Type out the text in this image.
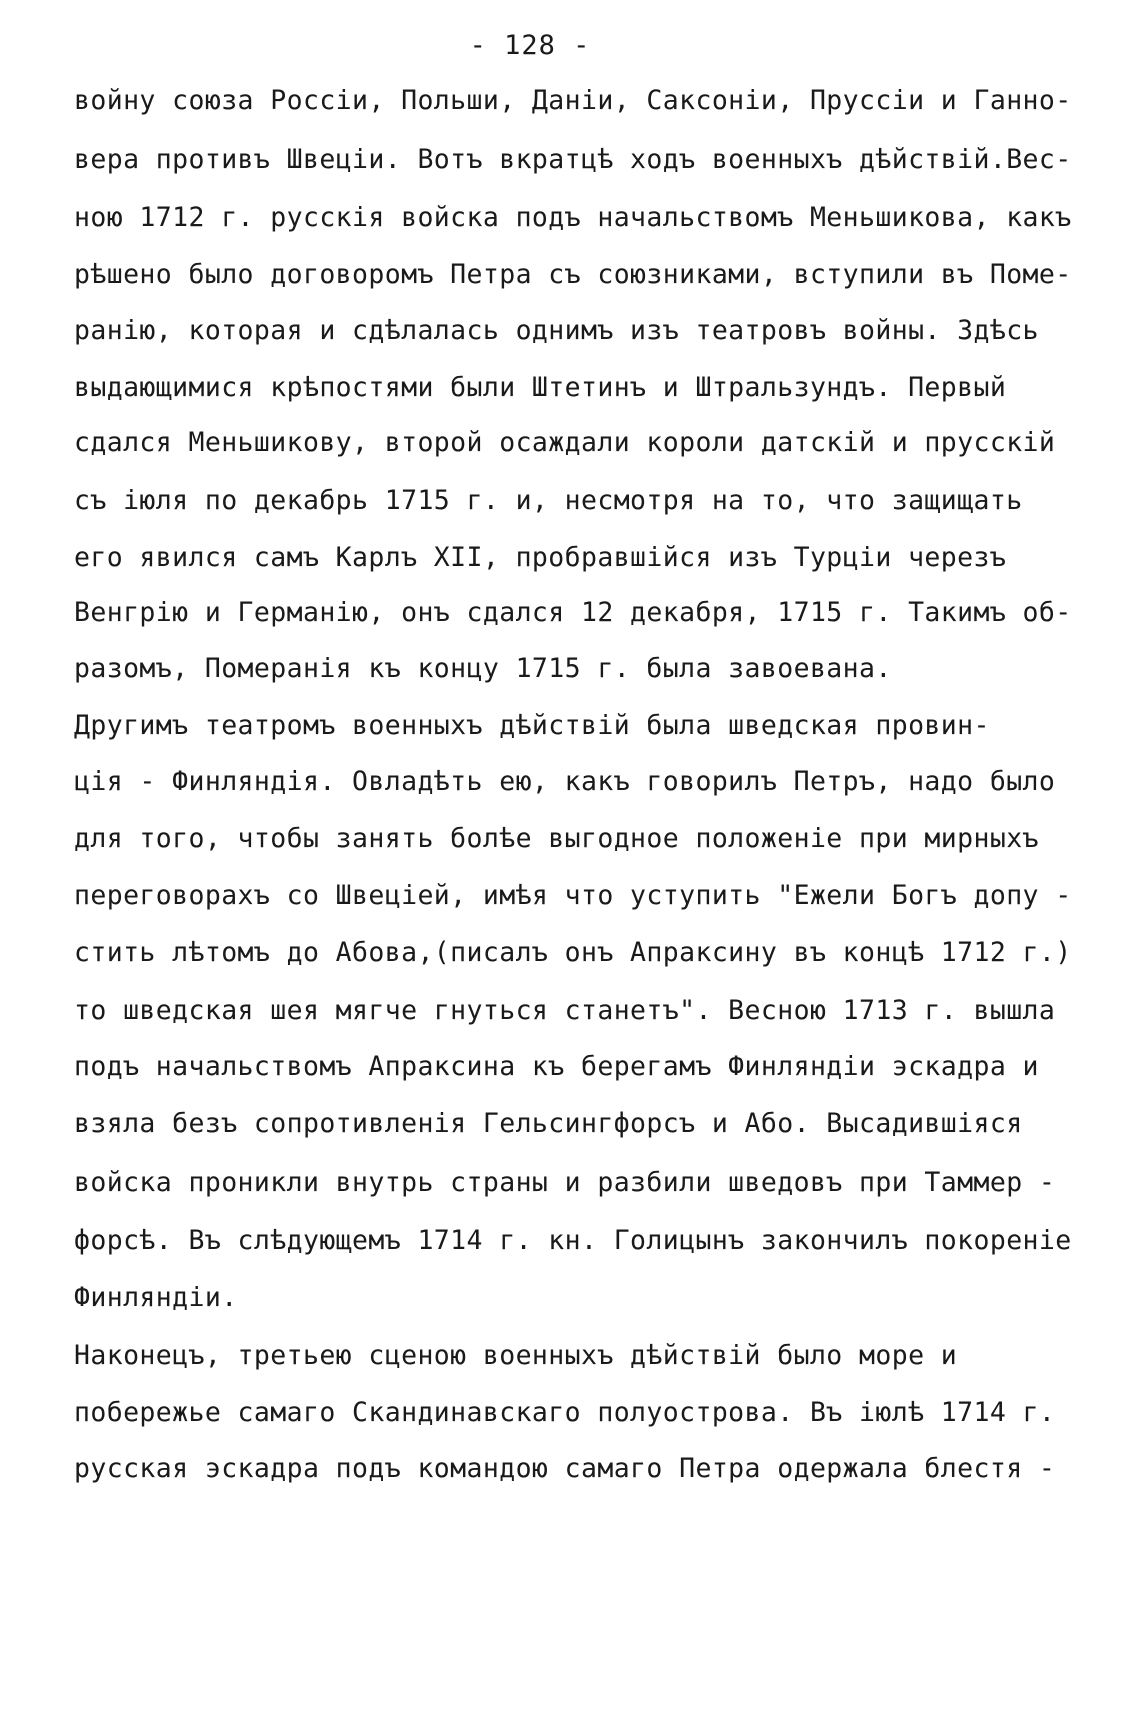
- 128 -
войну союза Россіи, Польши, Даніи, Саксоніи, Пруссіи и Ганно-
вера противъ Швеціи. Вотъ вкратцѣ ходъ военныхъ дѣйствій.Вес-
ною 1712 г. русскія войска подъ начальствомъ Меньшикова, какъ
рѣшено было договоромъ Петра съ союзниками, вступили въ Поме-
ранію, которая и сдѣлалась однимъ изъ театровъ войны. Здѣсь
выдающимися крѣпостями были Штетинъ и Штральзундъ. Первый
сдался Меньшикову, второй осаждали короли датскій и прусскій
съ іюля по декабрь 1715 г. и, несмотря на то, что защищать
его явился самъ Карлъ XII, пробравшійся изъ Турціи черезъ
Венгрію и Германію, онъ сдался 12 декабря, 1715 г. Такимъ об-
разомъ, Померанія къ концу 1715 г. была завоевана.
Другимъ театромъ военныхъ дѣйствій была шведская провин-
ція - Финляндія. Овладѣть ею, какъ говорилъ Петръ, надо было
для того, чтобы занять болѣе выгодное положеніе при мирныхъ
переговорахъ со Швеціей, имѣя что уступить "Ежели Богъ допу -
стить лѣтомъ до Абова,(писалъ онъ Апраксину въ концѣ 1712 г.)
то шведская шея мягче гнуться станетъ". Весною 1713 г. вышла
подъ начальствомъ Апраксина къ берегамъ Финляндіи эскадра и
взяла безъ сопротивленія Гельсингфорсъ и Або. Высадившіяся
войска проникли внутрь страны и разбили шведовъ при Таммер -
форсѣ. Въ слѣдующемъ 1714 г. кн. Голицынъ закончилъ покореніе
Финляндіи.
Наконецъ, третьею сценою военныхъ дѣйствій было море и
побережье самаго Скандинавскаго полуострова. Въ іюлѣ 1714 г.
русская эскадра подъ командою самаго Петра одержала блестя -
